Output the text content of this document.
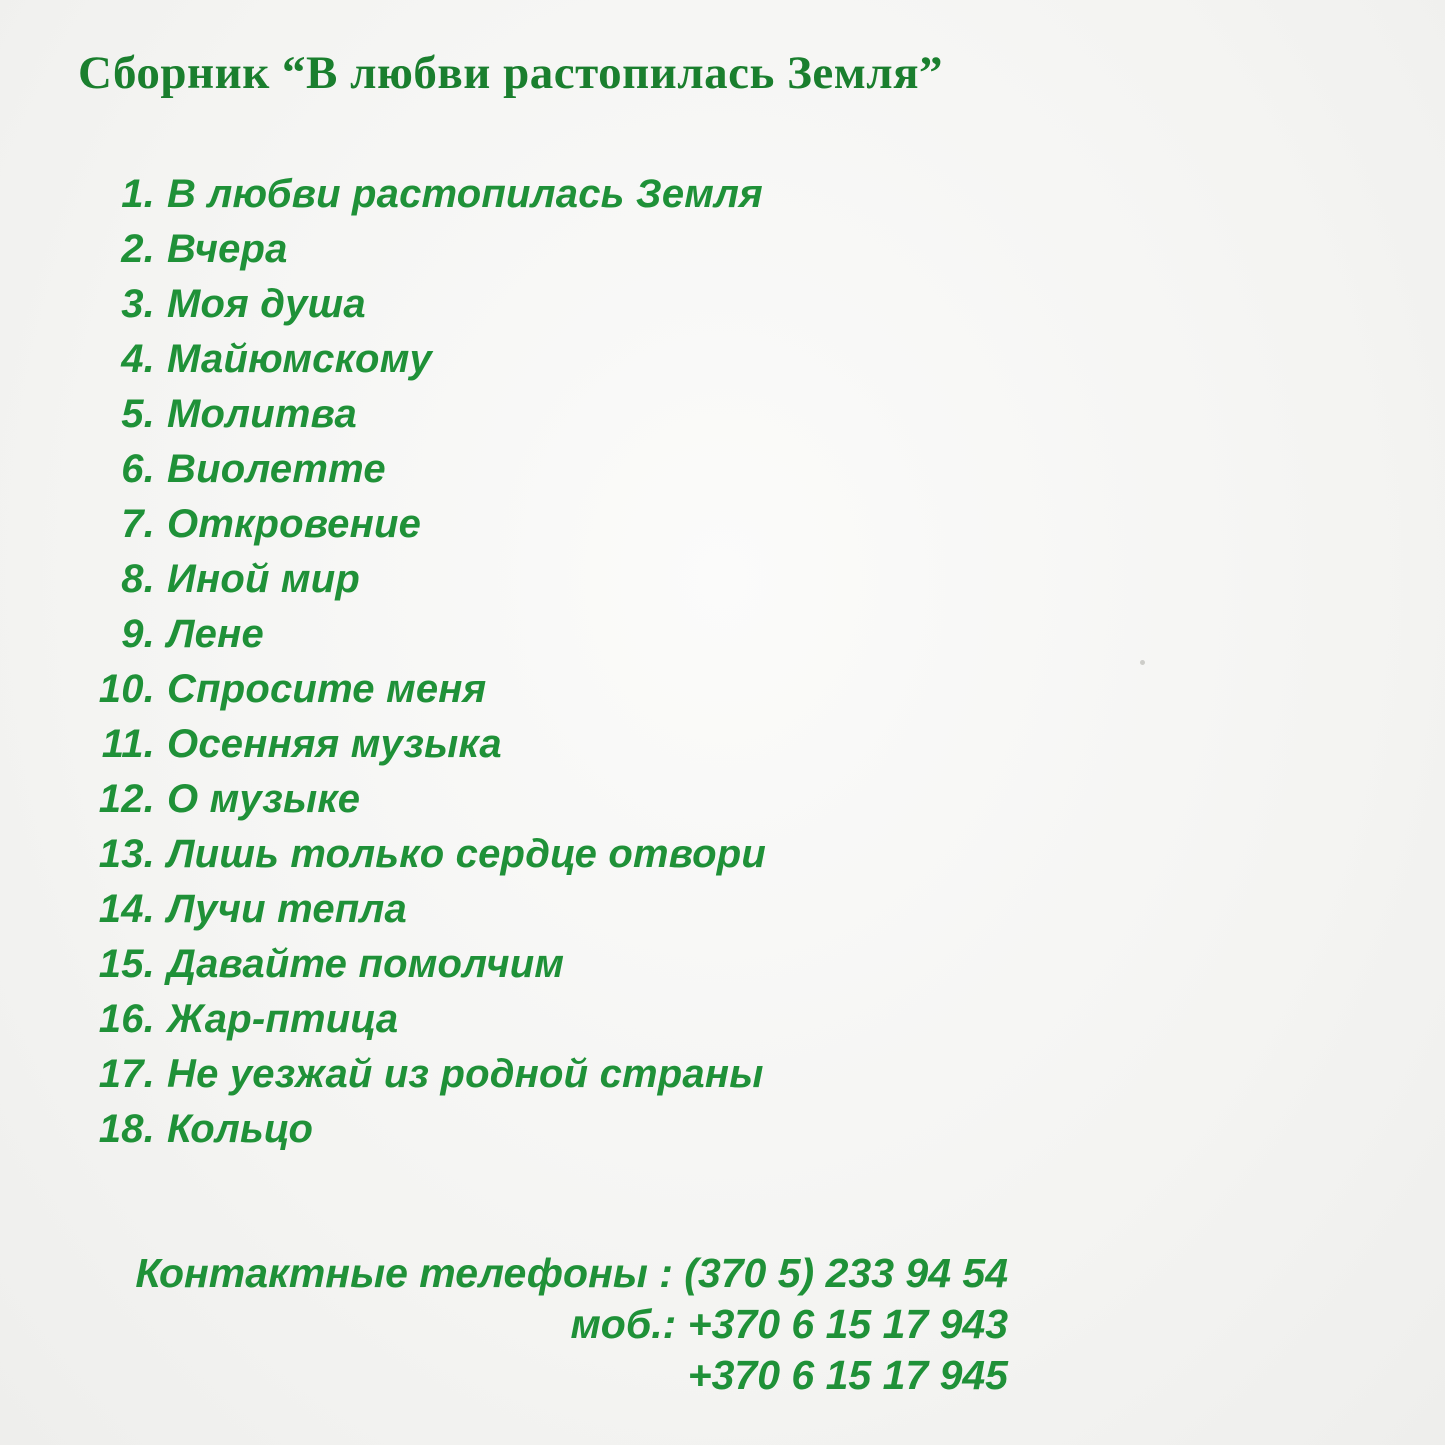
Сборник “В любви растопилась Земля”
1. В любви растопилась Земля
2. Вчера
3. Моя душа
4. Майюмскому
5. Молитва
6. Виолетте
7. Откровение
8. Иной мир
9. Лене
10. Спросите меня
11. Осенняя музыка
12. О музыке
13. Лишь только сердце отвори
14. Лучи тепла
15. Давайте помолчим
16. Жар-птица
17. Не уезжай из родной страны
18. Кольцо
Контактные телефоны : (370 5) 233 94 54
моб.: +370 6 15 17 943
+370 6 15 17 945
